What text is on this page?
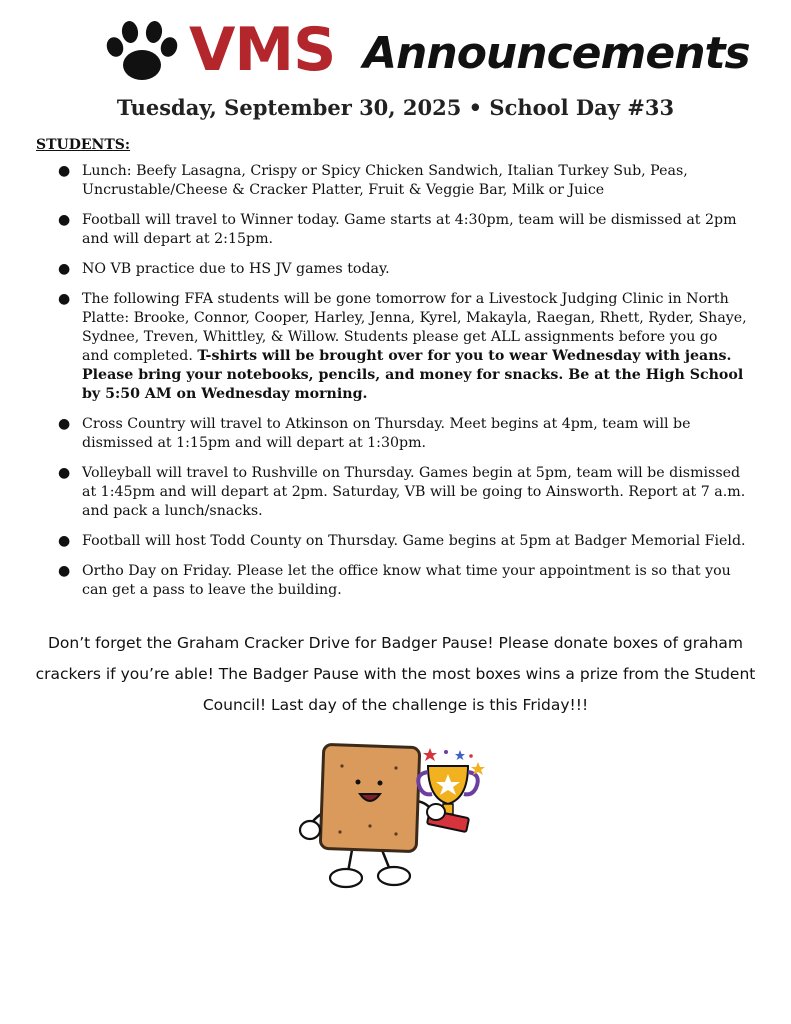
VMS Announcements
Tuesday, September 30, 2025 • School Day #33
STUDENTS:
● Lunch: Beefy Lasagna, Crispy or Spicy Chicken Sandwich, Italian Turkey Sub, Peas, Uncrustable/Cheese & Cracker Platter, Fruit & Veggie Bar, Milk or Juice
● Football will travel to Winner today. Game starts at 4:30pm, team will be dismissed at 2pm and will depart at 2:15pm.
● NO VB practice due to HS JV games today.
● The following FFA students will be gone tomorrow for a Livestock Judging Clinic in North Platte: Brooke, Connor, Cooper, Harley, Jenna, Kyrel, Makayla, Raegan, Rhett, Ryder, Shaye, Sydnee, Treven, Whittley, & Willow. Students please get ALL assignments before you go and completed. T-shirts will be brought over for you to wear Wednesday with jeans. Please bring your notebooks, pencils, and money for snacks. Be at the High School by 5:50 AM on Wednesday morning.
● Cross Country will travel to Atkinson on Thursday. Meet begins at 4pm, team will be dismissed at 1:15pm and will depart at 1:30pm.
● Volleyball will travel to Rushville on Thursday. Games begin at 5pm, team will be dismissed at 1:45pm and will depart at 2pm. Saturday, VB will be going to Ainsworth. Report at 7 a.m. and pack a lunch/snacks.
● Football will host Todd County on Thursday. Game begins at 5pm at Badger Memorial Field.
● Ortho Day on Friday. Please let the office know what time your appointment is so that you can get a pass to leave the building.
Don’t forget the Graham Cracker Drive for Badger Pause! Please donate boxes of graham crackers if you’re able! The Badger Pause with the most boxes wins a prize from the Student Council! Last day of the challenge is this Friday!!!
